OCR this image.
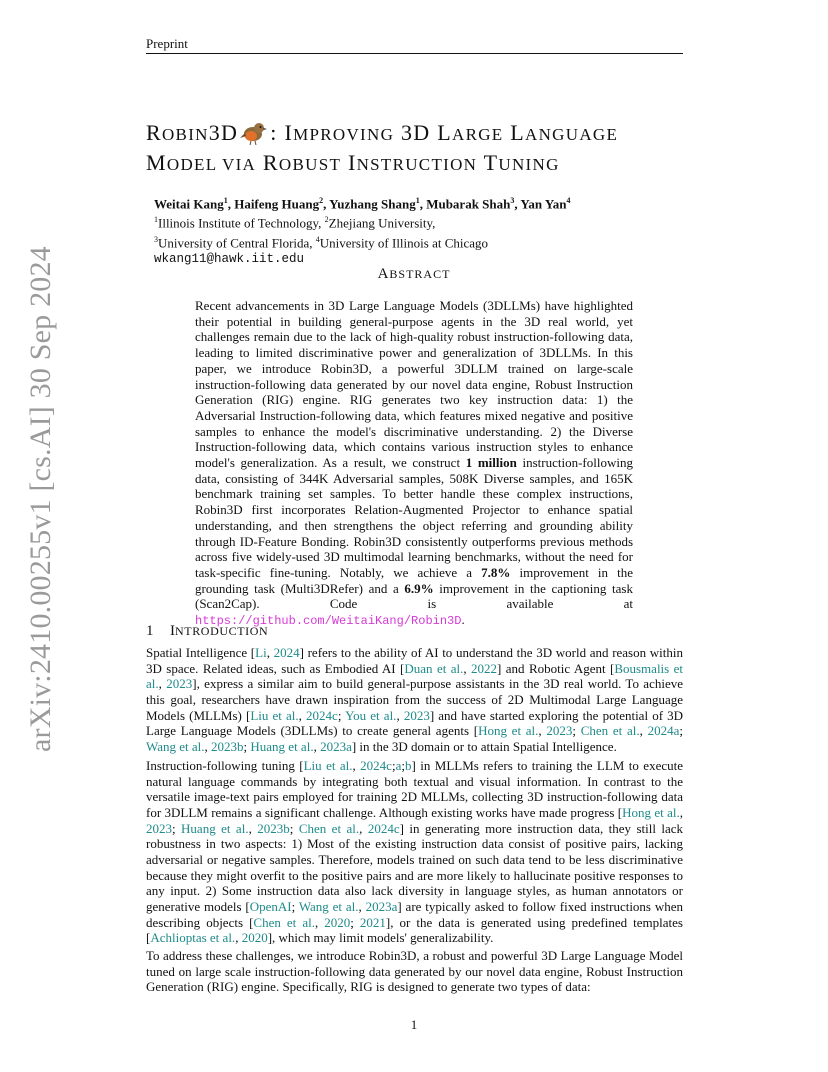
Preprint
arXiv:2410.00255v1 [cs.AI] 30 Sep 2024
ROBIN3D : IMPROVING 3D LARGE LANGUAGE
MODEL VIA ROBUST INSTRUCTION TUNING
Weitai Kang$^1$, Haifeng Huang$^2$, Yuzhang Shang$^1$, Mubarak Shah$^3$, Yan Yan$^4$
$^1$Illinois Institute of Technology, $^2$Zhejiang University,
$^3$University of Central Florida, $^4$University of Illinois at Chicago
wkang11@hawk.iit.edu
ABSTRACT
Recent advancements in 3D Large Language Models (3DLLMs) have highlighted their potential in building general-purpose agents in the 3D real world, yet challenges remain due to the lack of high-quality robust instruction-following data, leading to limited discriminative power and generalization of 3DLLMs. In this paper, we introduce Robin3D, a powerful 3DLLM trained on large-scale instruction-following data generated by our novel data engine, Robust Instruction Generation (RIG) engine. RIG generates two key instruction data: 1) the Adversarial Instruction-following data, which features mixed negative and positive samples to enhance the model's discriminative understanding. 2) the Diverse Instruction-following data, which contains various instruction styles to enhance model's generalization. As a result, we construct 1 million instruction-following data, consisting of 344K Adversarial samples, 508K Diverse samples, and 165K benchmark training set samples. To better handle these complex instructions, Robin3D first incorporates Relation-Augmented Projector to enhance spatial understanding, and then strengthens the object referring and grounding ability through ID-Feature Bonding. Robin3D consistently outperforms previous methods across five widely-used 3D multimodal learning benchmarks, without the need for task-specific fine-tuning. Notably, we achieve a 7.8% improvement in the grounding task (Multi3DRefer) and a 6.9% improvement in the captioning task (Scan2Cap). Code is available at https://github.com/WeitaiKang/Robin3D.
1 INTRODUCTION
Spatial Intelligence [Li, 2024] refers to the ability of AI to understand the 3D world and reason within 3D space. Related ideas, such as Embodied AI [Duan et al., 2022] and Robotic Agent [Bousmalis et al., 2023], express a similar aim to build general-purpose assistants in the 3D real world. To achieve this goal, researchers have drawn inspiration from the success of 2D Multimodal Large Language Models (MLLMs) [Liu et al., 2024c; You et al., 2023] and have started exploring the potential of 3D Large Language Models (3DLLMs) to create general agents [Hong et al., 2023; Chen et al., 2024a; Wang et al., 2023b; Huang et al., 2023a] in the 3D domain or to attain Spatial Intelligence.
Instruction-following tuning [Liu et al., 2024c;a;b] in MLLMs refers to training the LLM to execute natural language commands by integrating both textual and visual information. In contrast to the versatile image-text pairs employed for training 2D MLLMs, collecting 3D instruction-following data for 3DLLM remains a significant challenge. Although existing works have made progress [Hong et al., 2023; Huang et al., 2023b; Chen et al., 2024c] in generating more instruction data, they still lack robustness in two aspects: 1) Most of the existing instruction data consist of positive pairs, lacking adversarial or negative samples. Therefore, models trained on such data tend to be less discriminative because they might overfit to the positive pairs and are more likely to hallucinate positive responses to any input. 2) Some instruction data also lack diversity in language styles, as human annotators or generative models [OpenAI; Wang et al., 2023a] are typically asked to follow fixed instructions when describing objects [Chen et al., 2020; 2021], or the data is generated using predefined templates [Achlioptas et al., 2020], which may limit models' generalizability.
To address these challenges, we introduce Robin3D, a robust and powerful 3D Large Language Model tuned on large scale instruction-following data generated by our novel data engine, Robust Instruction Generation (RIG) engine. Specifically, RIG is designed to generate two types of data:
1
